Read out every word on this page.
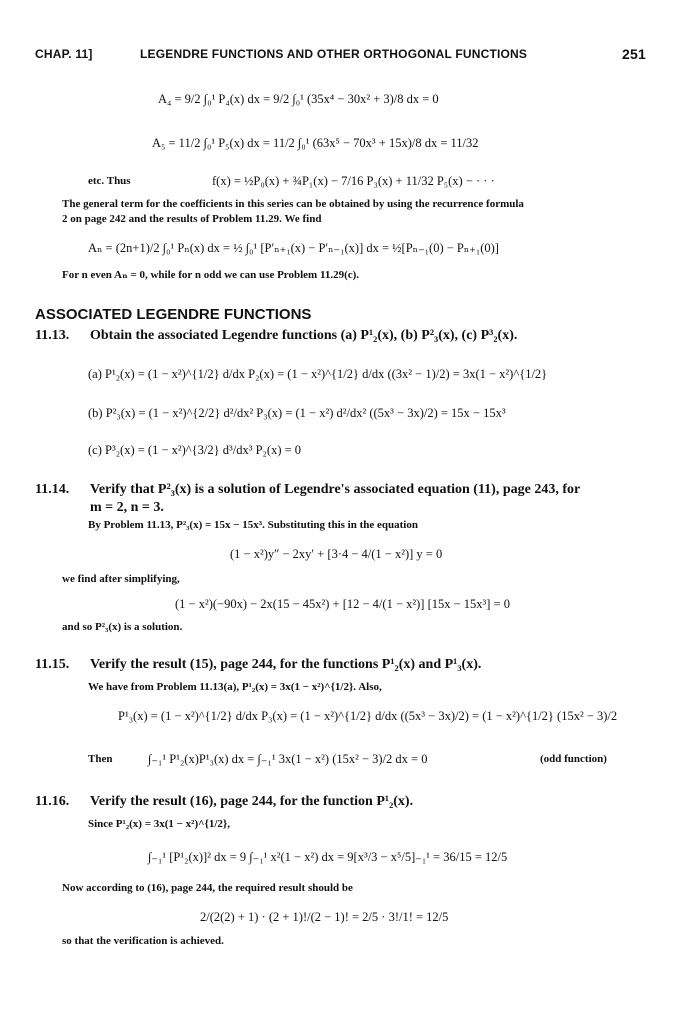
CHAP. 11]	LEGENDRE FUNCTIONS AND OTHER ORTHOGONAL FUNCTIONS	251
A₄ = 9/2 ∫₀¹ P₄(x) dx = 9/2 ∫₀¹ (35x⁴ − 30x² + 3)/8 dx = 0
A₅ = 11/2 ∫₀¹ P₅(x) dx = 11/2 ∫₀¹ (63x⁵ − 70x³ + 15x)/8 dx = 11/32
etc. Thus	f(x) = ½P₀(x) + ¾P₁(x) − 7/16 P₃(x) + 11/32 P₅(x) − · · ·
The general term for the coefficients in this series can be obtained by using the recurrence formula
2 on page 242 and the results of Problem 11.29. We find
Aₙ = (2n+1)/2 ∫₀¹ Pₙ(x) dx = ½ ∫₀¹ [P′ₙ₊₁(x) − P′ₙ₋₁(x)] dx = ½[Pₙ₋₁(0) − Pₙ₊₁(0)]
For n even Aₙ = 0, while for n odd we can use Problem 11.29(c).
ASSOCIATED LEGENDRE FUNCTIONS
11.13. Obtain the associated Legendre functions (a) P¹₂(x), (b) P²₃(x), (c) P³₂(x).
(a) P¹₂(x) = (1 − x²)^{1/2} d/dx P₂(x) = (1 − x²)^{1/2} d/dx ((3x² − 1)/2) = 3x(1 − x²)^{1/2}
(b) P²₃(x) = (1 − x²)^{2/2} d²/dx² P₃(x) = (1 − x²) d²/dx² ((5x³ − 3x)/2) = 15x − 15x³
(c) P³₂(x) = (1 − x²)^{3/2} d³/dx³ P₂(x) = 0
11.14. Verify that P²₃(x) is a solution of Legendre's associated equation (11), page 243, for
m = 2, n = 3.
By Problem 11.13, P²₃(x) = 15x − 15x³. Substituting this in the equation
(1 − x²)y″ − 2xy′ + [3·4 − 4/(1 − x²)] y = 0
we find after simplifying,
(1 − x²)(−90x) − 2x(15 − 45x²) + [12 − 4/(1 − x²)] [15x − 15x³] = 0
and so P²₃(x) is a solution.
11.15. Verify the result (15), page 244, for the functions P¹₂(x) and P¹₃(x).
We have from Problem 11.13(a), P¹₂(x) = 3x(1 − x²)^{1/2}. Also,
P¹₃(x) = (1 − x²)^{1/2} d/dx P₃(x) = (1 − x²)^{1/2} d/dx ((5x³ − 3x)/2) = (1 − x²)^{1/2} (15x² − 3)/2
Then	∫₋₁¹ P¹₂(x)P¹₃(x) dx = ∫₋₁¹ 3x(1 − x²) (15x² − 3)/2 dx = 0	(odd function)
11.16. Verify the result (16), page 244, for the function P¹₂(x).
Since P¹₂(x) = 3x(1 − x²)^{1/2},
∫₋₁¹ [P¹₂(x)]² dx = 9 ∫₋₁¹ x²(1 − x²) dx = 9[x³/3 − x⁵/5]₋₁¹ = 36/15 = 12/5
Now according to (16), page 244, the required result should be
2/(2(2) + 1) · (2 + 1)!/(2 − 1)! = 2/5 · 3!/1! = 12/5
so that the verification is achieved.
